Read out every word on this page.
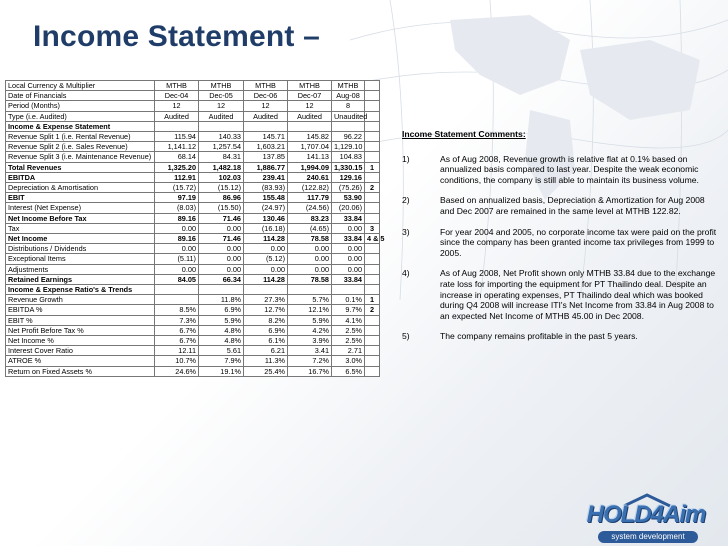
Income Statement –
Local Currency & Multiplier	MTHB	MTHB	MTHB	MTHB	MTHB		
Date of Financials	Dec-04	Dec-05	Dec-06	Dec-07	Aug-08		
Period (Months)	12	12	12	12	8		
Type (i.e. Audited)	Audited	Audited	Audited	Audited	Unaudited		
Income & Expense Statement							
Revenue Split 1 (i.e. Rental Revenue)	115.94	140.33	145.71	145.82	96.22		
Revenue Split 2 (i.e. Sales Revenue)	1,141.12	1,257.54	1,603.21	1,707.04	1,129.10		
Revenue Split 3 (i.e. Maintenance Revenue)	68.14	84.31	137.85	141.13	104.83		
Total Revenues	1,325.20	1,482.18	1,886.77	1,994.09	1,330.15	1	
EBITDA	112.91	102.03	239.41	240.61	129.16		
Depreciation & Amortisation	(15.72)	(15.12)	(83.93)	(122.82)	(75.26)	2	
EBIT	97.19	86.96	155.48	117.79	53.90		
Interest (Net Expense)	(8.03)	(15.50)	(24.97)	(24.56)	(20.06)		
Net Income Before Tax	89.16	71.46	130.46	83.23	33.84		
Tax	0.00	0.00	(16.18)	(4.65)	0.00	3	
Net Income	89.16	71.46	114.28	78.58	33.84	4 & 5	
Distributions / Dividends	0.00	0.00	0.00	0.00	0.00		
Exceptional Items	(5.11)	0.00	(5.12)	0.00	0.00		
Adjustments	0.00	0.00	0.00	0.00	0.00		
Retained Earnings	84.05	66.34	114.28	78.58	33.84		
Income & Expense Ratio's & Trends							
Revenue Growth		11.8%	27.3%	5.7%	0.1%	1	
EBITDA %	8.5%	6.9%	12.7%	12.1%	9.7%	2	
EBIT %	7.3%	5.9%	8.2%	5.9%	4.1%		
Net Profit Before Tax %	6.7%	4.8%	6.9%	4.2%	2.5%		
Net Income %	6.7%	4.8%	6.1%	3.9%	2.5%		
Interest Cover Ratio	12.11	5.61	6.21	3.41	2.71		
ATROE %	10.7%	7.9%	11.3%	7.2%	3.0%		
Return on Fixed Assets %	24.6%	19.1%	25.4%	16.7%	6.5%		
Income Statement Comments:
1)	As of Aug 2008, Revenue growth is relative flat at 0.1% based on annualized basis compared to last year. Despite the weak economic conditions, the company is still able to maintain its business volume.
2)	Based on annualized basis, Depreciation & Amortization for Aug 2008 and Dec 2007 are remained in the same level at MTHB 122.82.
3)	For year 2004 and 2005, no corporate income tax were paid on the profit since the company has been granted income tax privileges from 1999 to 2005.
4)	As of Aug 2008, Net Profit shown only MTHB 33.84 due to the exchange rate loss for importing the equipment for PT Thailindo deal. Despite an increase in operating expenses, PT Thailindo deal which was booked during Q4 2008 will increase ITI's Net Income from 33.84 in Aug 2008 to an expected Net Income of MTHB 45.00 in Dec 2008.
5)	The company remains profitable in the past 5 years.
HOLD4Aim
system development
